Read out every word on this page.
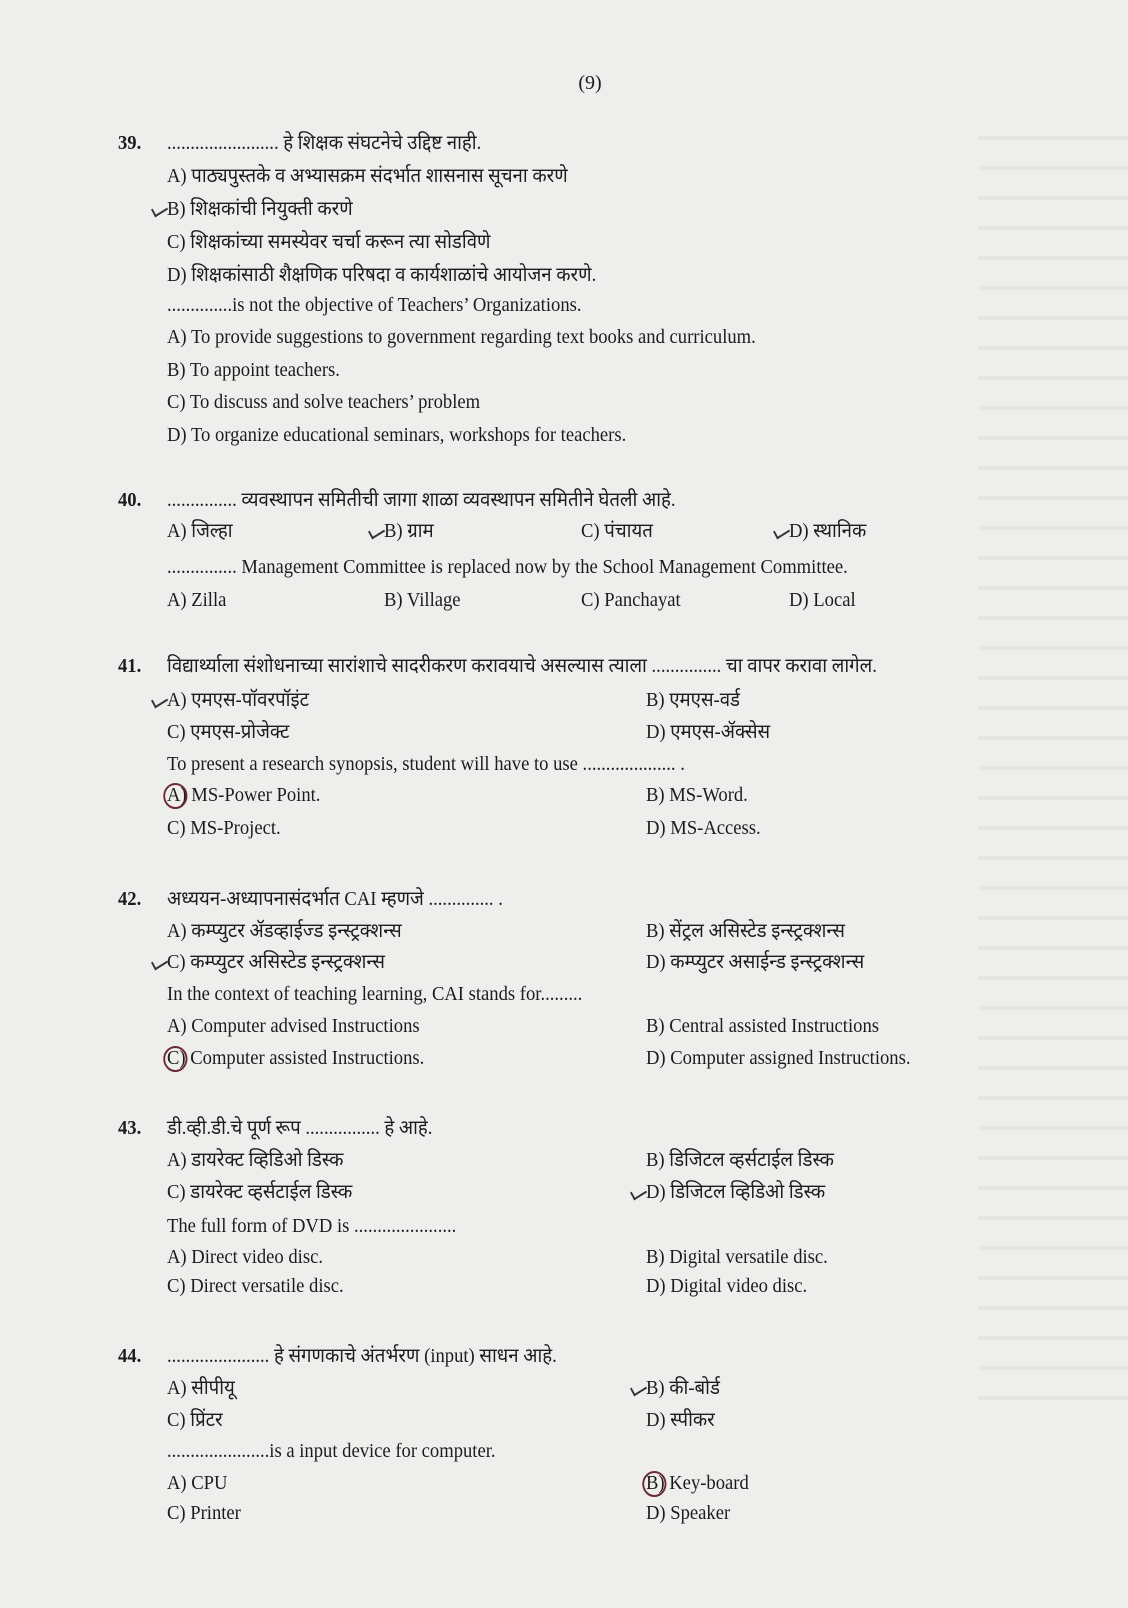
(9)
39. ........................ हे शिक्षक संघटनेचे उद्दिष्ट नाही.
A) पाठ्यपुस्तके व अभ्यासक्रम संदर्भात शासनास सूचना करणे
B) शिक्षकांची नियुक्ती करणे
C) शिक्षकांच्या समस्येवर चर्चा करून त्या सोडविणे
D) शिक्षकांसाठी शैक्षणिक परिषदा व कार्यशाळांचे आयोजन करणे.
..............is not the objective of Teachers’ Organizations.
A) To provide suggestions to government regarding text books and curriculum.
B) To appoint teachers.
C) To discuss and solve teachers’ problem
D) To organize educational seminars, workshops for teachers.
40. ............... व्यवस्थापन समितीची जागा शाळा व्यवस्थापन समितीने घेतली आहे.
A) जिल्हा	B) ग्राम	C) पंचायत	D) स्थानिक
............... Management Committee is replaced now by the School Management Committee.
A) Zilla	B) Village	C) Panchayat	D) Local
41. विद्यार्थ्याला संशोधनाच्या सारांशाचे सादरीकरण करावयाचे असल्यास त्याला ............... चा वापर करावा लागेल.
A) एमएस-पॉवरपॉइंट	B) एमएस-वर्ड
C) एमएस-प्रोजेक्ट	D) एमएस-ॲक्सेस
To present a research synopsis, student will have to use .................... .
A) MS-Power Point.	B) MS-Word.
C) MS-Project.	D) MS-Access.
42. अध्ययन-अध्यापनासंदर्भात CAI म्हणजे .............. .
A) कम्प्युटर ॲडव्हाईज्ड इन्स्ट्रक्शन्स	B) सेंट्रल असिस्टेड इन्स्ट्रक्शन्स
C) कम्प्युटर असिस्टेड इन्स्ट्रक्शन्स	D) कम्प्युटर असाईन्ड इन्स्ट्रक्शन्स
In the context of teaching learning, CAI stands for.........
A) Computer advised Instructions	B) Central assisted Instructions
C) Computer assisted Instructions.	D) Computer assigned Instructions.
43. डी.व्ही.डी.चे पूर्ण रूप ................ हे आहे.
A) डायरेक्ट व्हिडिओ डिस्क	B) डिजिटल व्हर्सटाईल डिस्क
C) डायरेक्ट व्हर्सटाईल डिस्क	D) डिजिटल व्हिडिओ डिस्क
The full form of DVD is ......................
A) Direct video disc.	B) Digital versatile disc.
C) Direct versatile disc.	D) Digital video disc.
44. ...................... हे संगणकाचे अंतर्भरण (input) साधन आहे.
A) सीपीयू	B) की-बोर्ड
C) प्रिंटर	D) स्पीकर
......................is a input device for computer.
A) CPU	B) Key-board
C) Printer	D) Speaker
